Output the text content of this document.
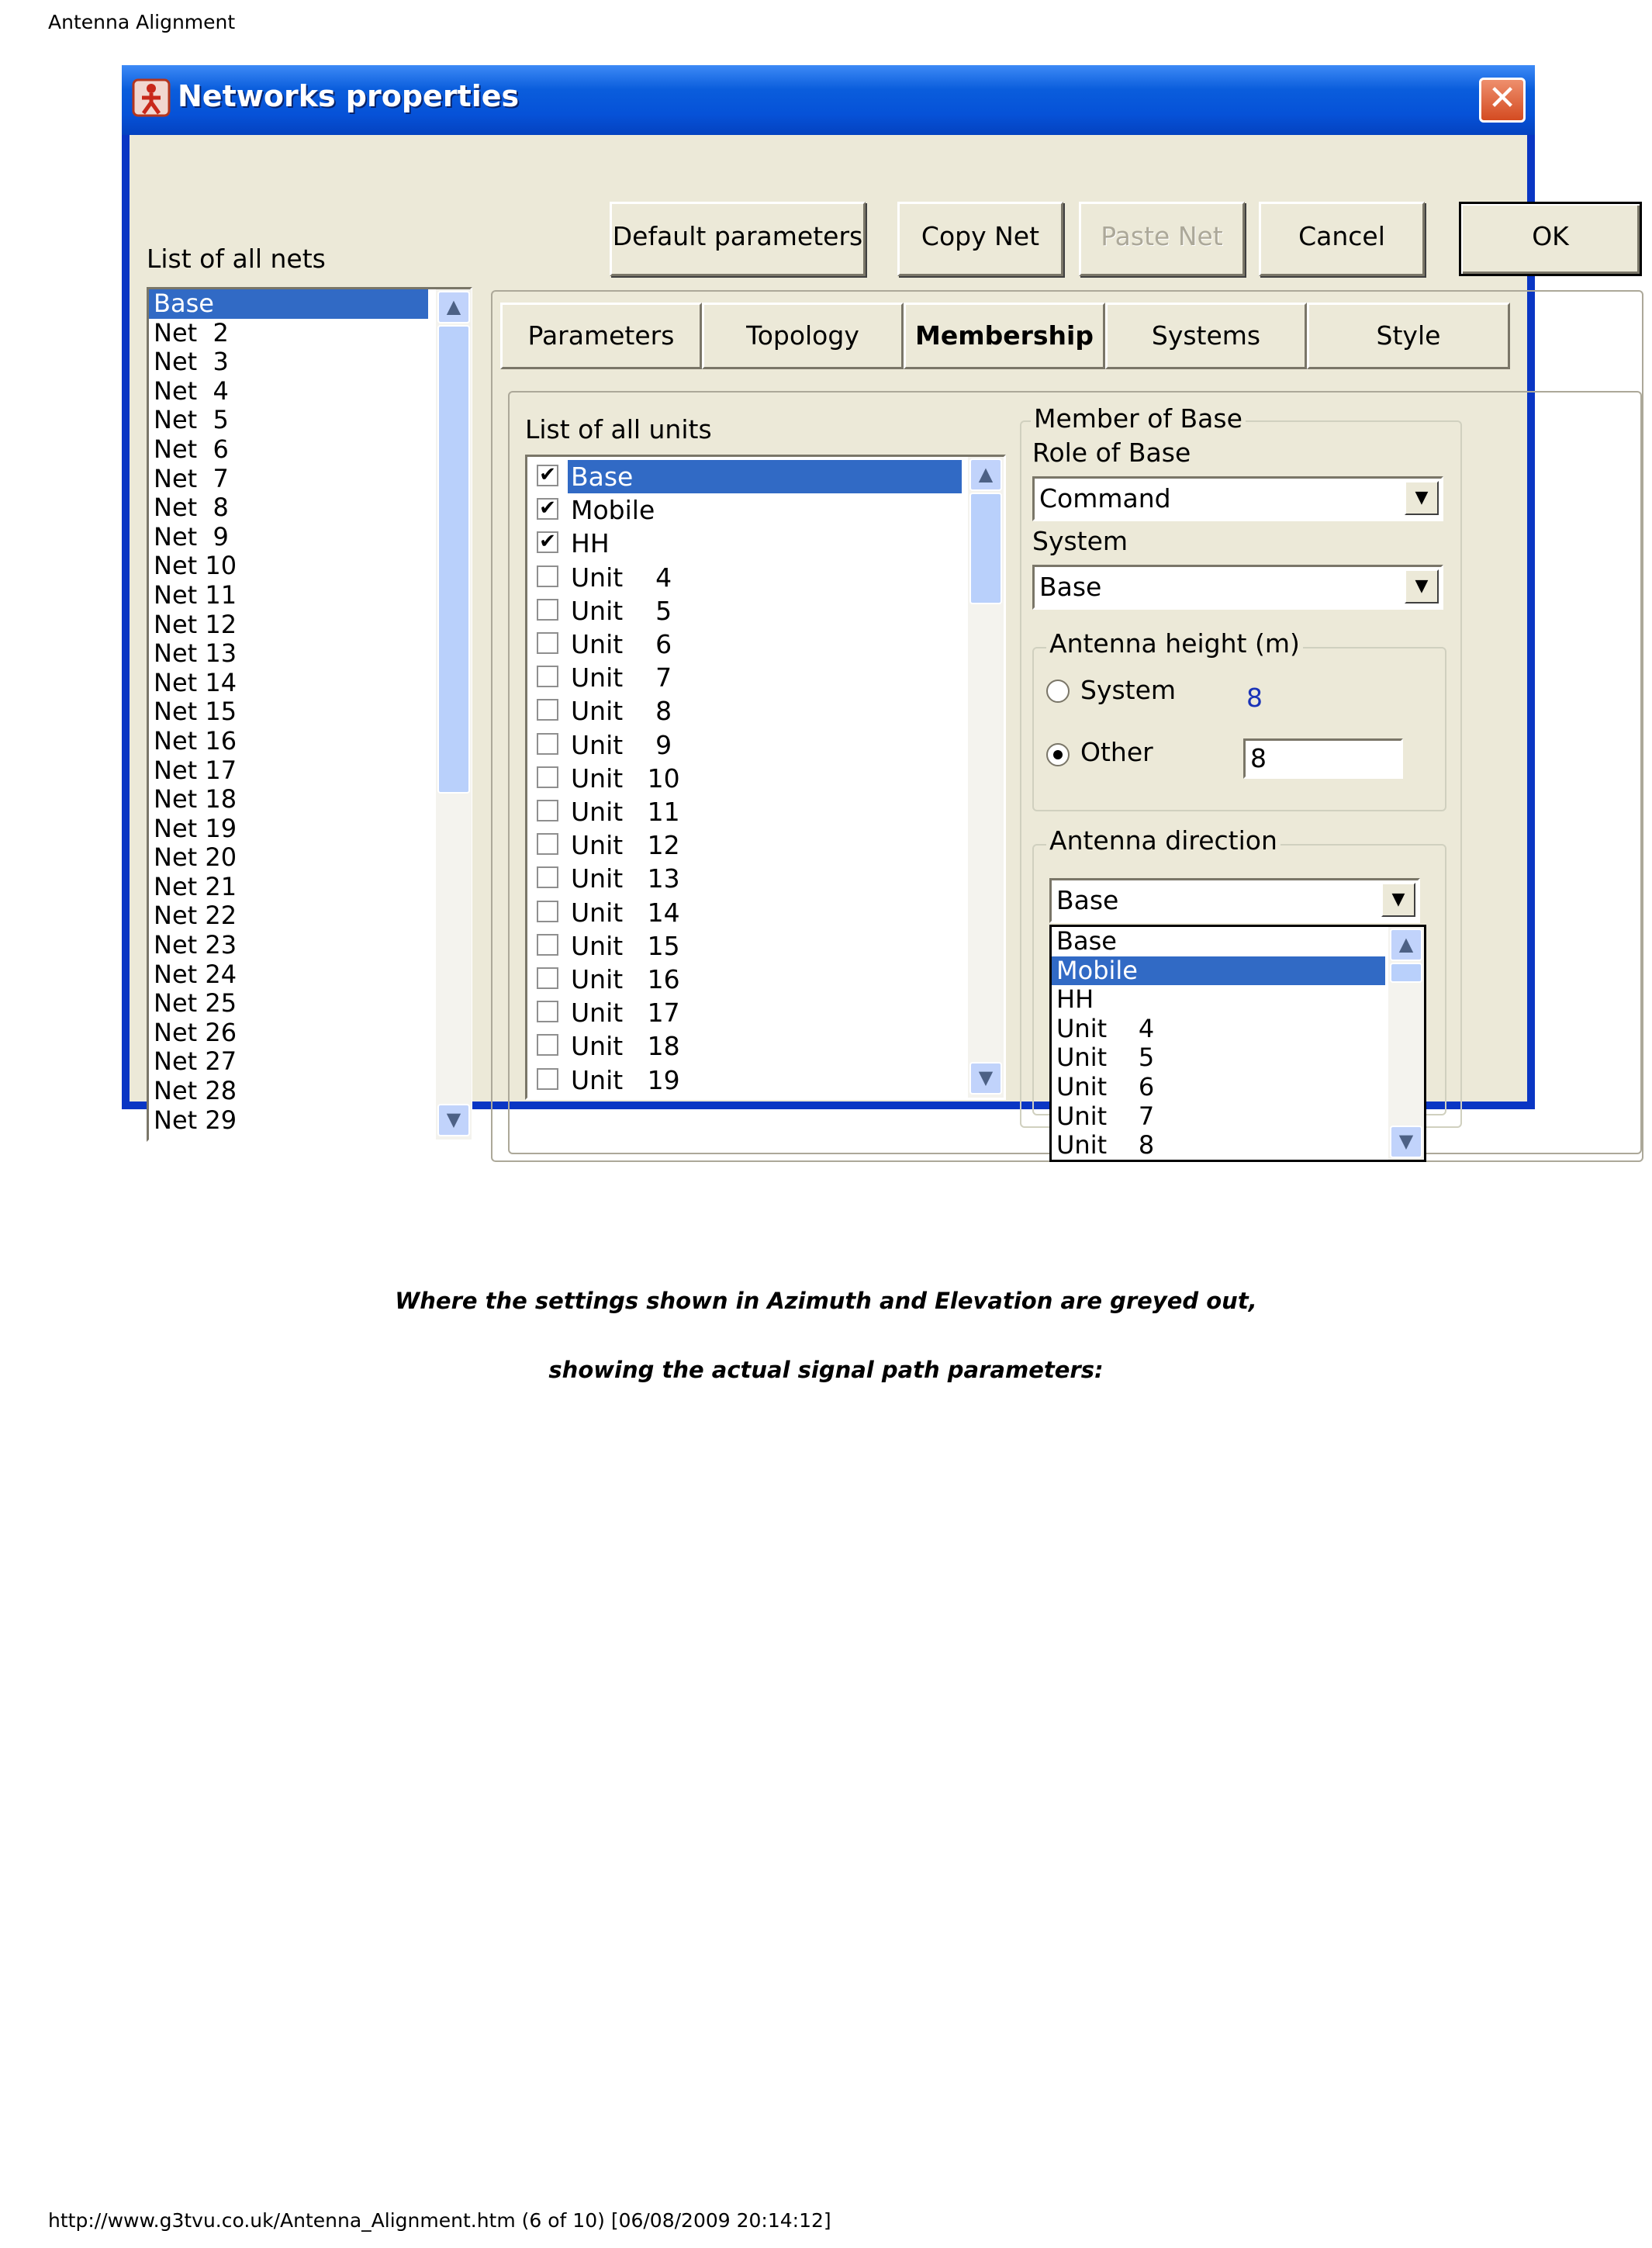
Antenna Alignment
Networks properties	✕
Default parameters	Copy Net	Paste Net	Cancel	OK
List of all nets
Base
Net  2
Net  3
Net  4
Net  5
Net  6
Net  7
Net  8
Net  9
Net 10
Net 11
Net 12
Net 13
Net 14
Net 15
Net 16
Net 17
Net 18
Net 19
Net 20
Net 21
Net 22
Net 23
Net 24
Net 25
Net 26
Net 27
Net 28
Net 29
▲
▼
Parameters	Topology	Membership	Systems	Style
List of all units
✔ Base
✔ Mobile
✔ HH
Unit    4
Unit    5
Unit    6
Unit    7
Unit    8
Unit    9
Unit   10
Unit   11
Unit   12
Unit   13
Unit   14
Unit   15
Unit   16
Unit   17
Unit   18
Unit   19
▲
▼
Member of Base
Role of Base
Command	▼
System
Base	▼
Antenna height (m)
System	8
Other	8
Antenna direction
Base	▼
Base
Mobile
HH
Unit    4
Unit    5
Unit    6
Unit    7
Unit    8
▲
▼
Where the settings shown in Azimuth and Elevation are greyed out,
showing the actual signal path parameters:
http://www.g3tvu.co.uk/Antenna_Alignment.htm (6 of 10) [06/08/2009 20:14:12]
